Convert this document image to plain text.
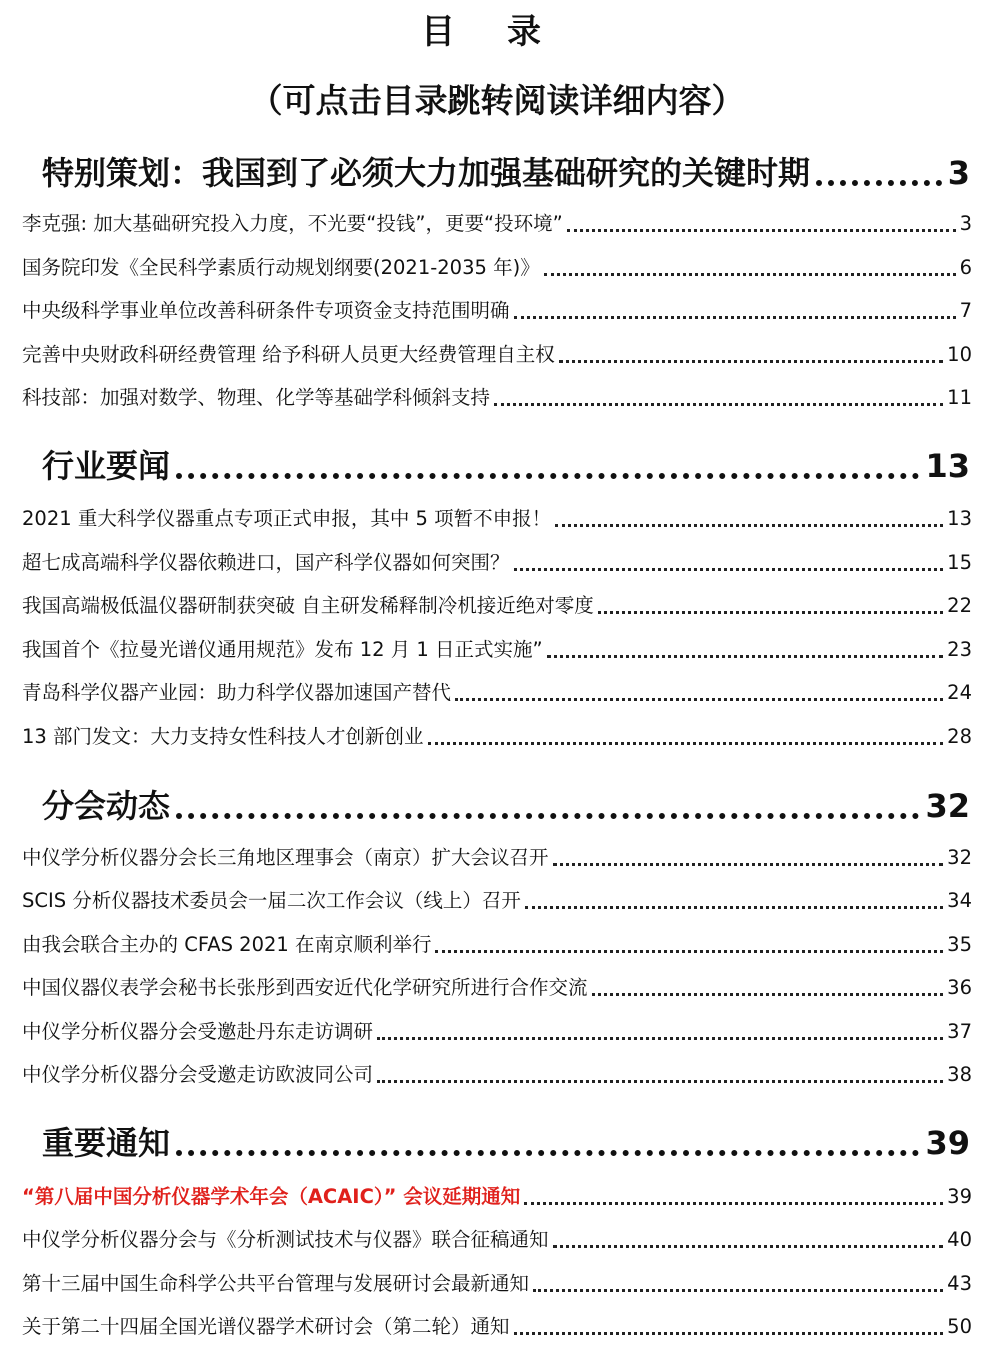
目录
（可点击目录跳转阅读详细内容）
特别策划：我国到了必须大力加强基础研究的关键时期	3
李克强: 加大基础研究投入力度，不光要“投钱”，更要“投环境”	3
国务院印发《全民科学素质行动规划纲要(2021-2035 年)》	6
中央级科学事业单位改善科研条件专项资金支持范围明确	7
完善中央财政科研经费管理 给予科研人员更大经费管理自主权	10
科技部：加强对数学、物理、化学等基础学科倾斜支持	11
行业要闻	13
2021 重大科学仪器重点专项正式申报，其中 5 项暂不申报！	13
超七成高端科学仪器依赖进口，国产科学仪器如何突围？	15
我国高端极低温仪器研制获突破 自主研发稀释制冷机接近绝对零度	22
我国首个《拉曼光谱仪通用规范》发布 12 月 1 日正式实施”	23
青岛科学仪器产业园：助力科学仪器加速国产替代	24
13 部门发文：大力支持女性科技人才创新创业	28
分会动态	32
中仪学分析仪器分会长三角地区理事会（南京）扩大会议召开	32
SCIS 分析仪器技术委员会一届二次工作会议（线上）召开	34
由我会联合主办的 CFAS 2021 在南京顺利举行	35
中国仪器仪表学会秘书长张彤到西安近代化学研究所进行合作交流	36
中仪学分析仪器分会受邀赴丹东走访调研	37
中仪学分析仪器分会受邀走访欧波同公司	38
重要通知	39
“第八届中国分析仪器学术年会（ACAIC）” 会议延期通知	39
中仪学分析仪器分会与《分析测试技术与仪器》联合征稿通知	40
第十三届中国生命科学公共平台管理与发展研讨会最新通知	43
关于第二十四届全国光谱仪器学术研讨会（第二轮）通知	50
